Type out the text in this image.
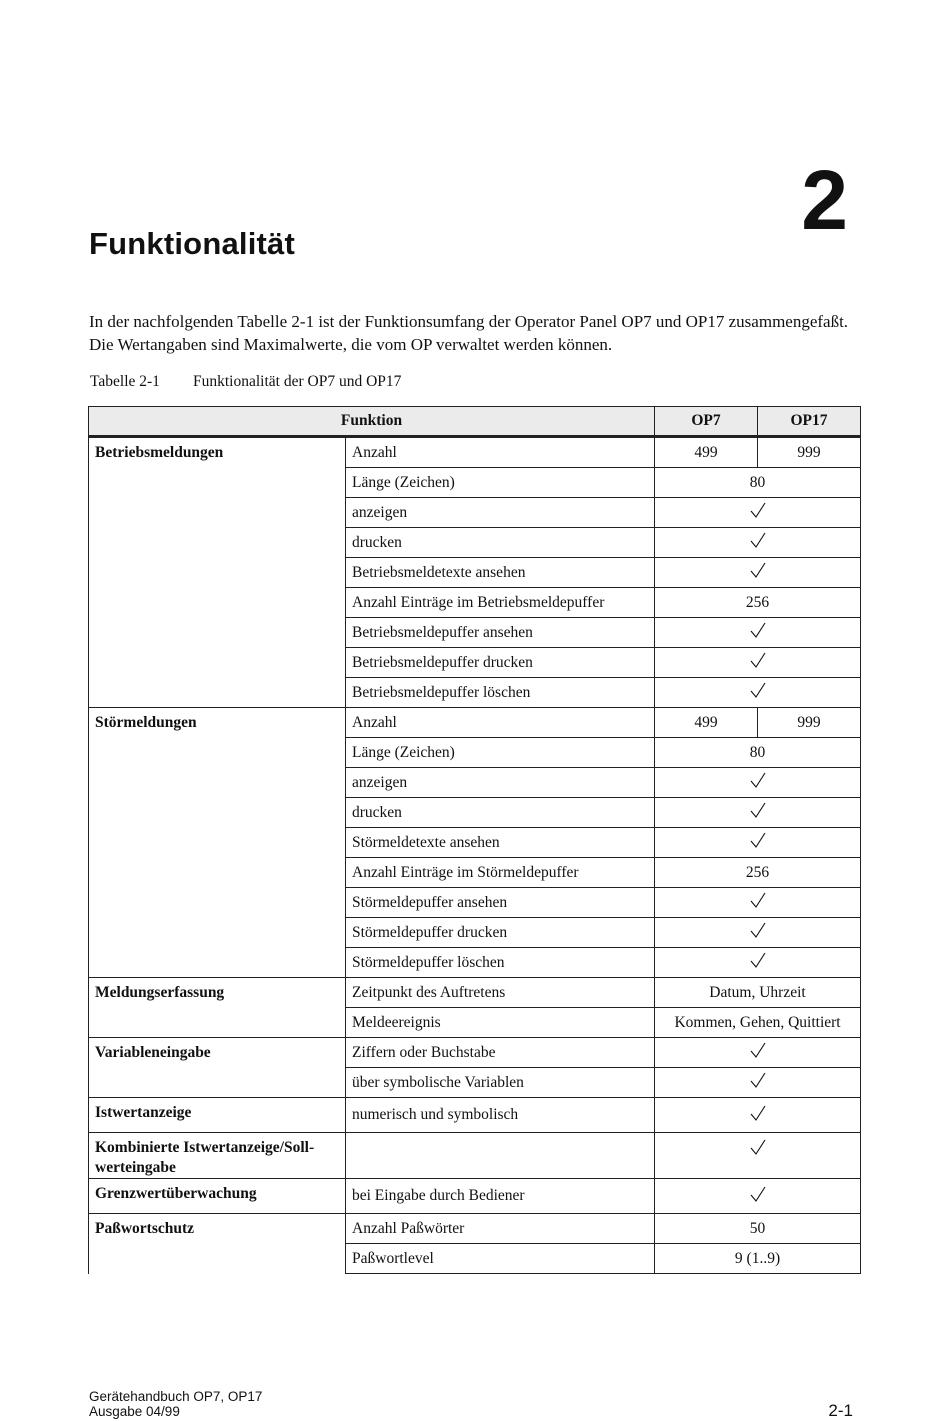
Funktionalität	2

In der nachfolgenden Tabelle 2-1 ist der Funktionsumfang der Operator Panel OP7 und OP17 zusammengefaßt. Die Wertangaben sind Maximalwerte, die vom OP verwaltet werden können.

Tabelle 2-1 Funktionalität der OP7 und OP17
Funktion		OP7	OP17
Betriebsmeldungen	Anzahl	499	999
	Länge (Zeichen)	80	
	anzeigen	

	drucken	

	Betriebsmeldetexte ansehen	

	Anzahl Einträge im Betriebsmeldepuffer	256	
	Betriebsmeldepuffer ansehen	

	Betriebsmeldepuffer drucken	

	Betriebsmeldepuffer löschen	

Störmeldungen	Anzahl	499	999
	Länge (Zeichen)	80	
	anzeigen	

	drucken	

	Störmeldetexte ansehen	

	Anzahl Einträge im Störmeldepuffer	256	
	Störmeldepuffer ansehen	

	Störmeldepuffer drucken	

	Störmeldepuffer löschen	

Meldungserfassung	Zeitpunkt des Auftretens	Datum, Uhrzeit	
	Meldeereignis	Kommen, Gehen, Quittiert	
Variableneingabe	Ziffern oder Buchstabe	

	über symbolische Variablen	

Istwertanzeige	numerisch und symbolisch	

Kombinierte Istwertanzeige/Soll-werteingabe		

Grenzwertüberwachung	bei Eingabe durch Bediener	

Paßwortschutz	Anzahl Paßwörter	50	
	Paßwortlevel	9 (1..9)	
Gerätehandbuch OP7, OP17
Ausgabe 04/99	2-1
